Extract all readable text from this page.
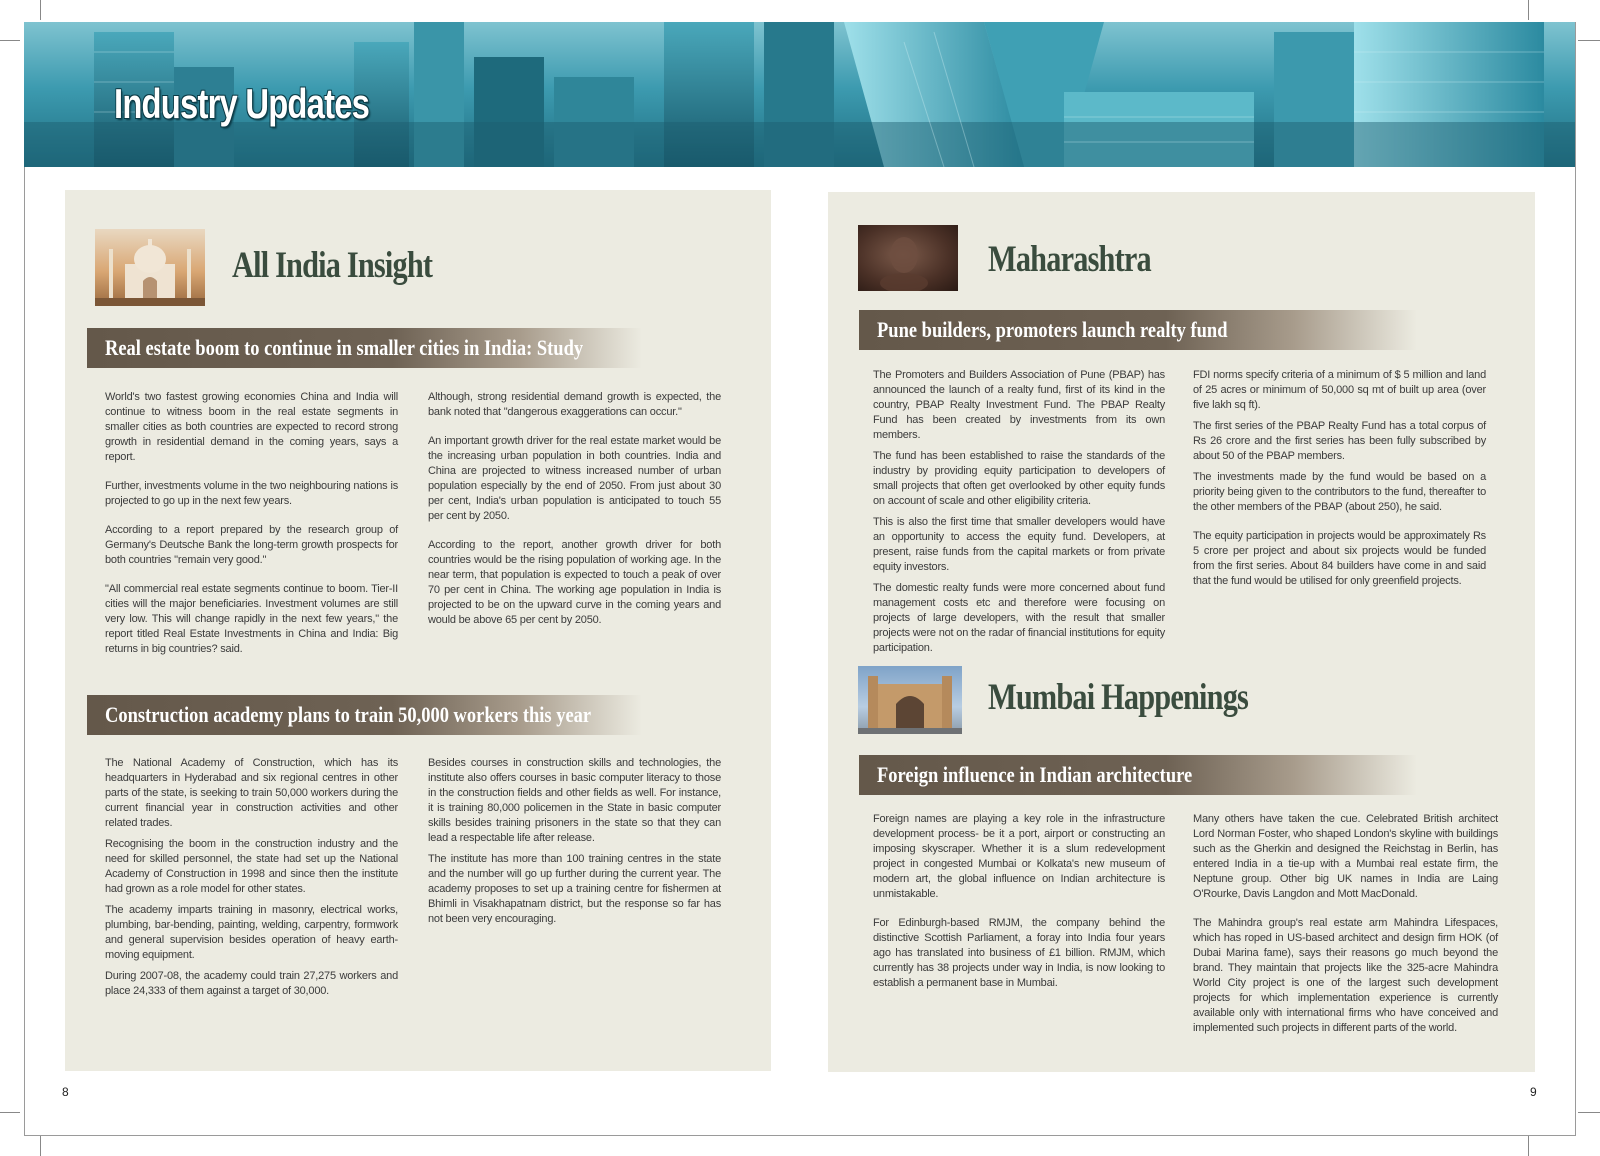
Industry Updates
All India Insight
Real estate boom to continue in smaller cities in India: Study

World's two fastest growing economies China and India will continue to witness boom in the real estate segments in smaller cities as both countries are expected to record strong growth in residential demand in the coming years, says a report.

Further, investments volume in the two neighbouring nations is projected to go up in the next few years.

According to a report prepared by the research group of Germany's Deutsche Bank the long-term growth prospects for both countries "remain very good."

"All commercial real estate segments continue to boom. Tier-II cities will the major beneficiaries. Investment volumes are still very low. This will change rapidly in the next few years," the report titled Real Estate Investments in China and India: Big returns in big countries? said.

Although, strong residential demand growth is expected, the bank noted that "dangerous exaggerations can occur."

An important growth driver for the real estate market would be the increasing urban population in both countries. India and China are projected to witness increased number of urban population especially by the end of 2050. From just about 30 per cent, India's urban population is anticipated to touch 55 per cent by 2050.

According to the report, another growth driver for both countries would be the rising population of working age. In the near term, that population is expected to touch a peak of over 70 per cent in China. The working age population in India is projected to be on the upward curve in the coming years and would be above 65 per cent by 2050.

Construction academy plans to train 50,000 workers this year

The National Academy of Construction, which has its headquarters in Hyderabad and six regional centres in other parts of the state, is seeking to train 50,000 workers during the current financial year in construction activities and other related trades.

Recognising the boom in the construction industry and the need for skilled personnel, the state had set up the National Academy of Construction in 1998 and since then the institute had grown as a role model for other states.

The academy imparts training in masonry, electrical works, plumbing, bar-bending, painting, welding, carpentry, formwork and general supervision besides operation of heavy earth-moving equipment.

During 2007-08, the academy could train 27,275 workers and place 24,333 of them against a target of 30,000.

Besides courses in construction skills and technologies, the institute also offers courses in basic computer literacy to those in the construction fields and other fields as well. For instance, it is training 80,000 policemen in the State in basic computer skills besides training prisoners in the state so that they can lead a respectable life after release.

The institute has more than 100 training centres in the state and the number will go up further during the current year. The academy proposes to set up a training centre for fishermen at Bhimli in Visakhapatnam district, but the response so far has not been very encouraging.

8
Maharashtra
Pune builders, promoters launch realty fund

The Promoters and Builders Association of Pune (PBAP) has announced the launch of a realty fund, first of its kind in the country, PBAP Realty Investment Fund. The PBAP Realty Fund has been created by investments from its own members.

The fund has been established to raise the standards of the industry by providing equity participation to developers of small projects that often get overlooked by other equity funds on account of scale and other eligibility criteria.

This is also the first time that smaller developers would have an opportunity to access the equity fund. Developers, at present, raise funds from the capital markets or from private equity investors.

The domestic realty funds were more concerned about fund management costs etc and therefore were focusing on projects of large developers, with the result that smaller projects were not on the radar of financial institutions for equity participation.

FDI norms specify criteria of a minimum of $ 5 million and land of 25 acres or minimum of 50,000 sq mt of built up area (over five lakh sq ft).

The first series of the PBAP Realty Fund has a total corpus of Rs 26 crore and the first series has been fully subscribed by about 50 of the PBAP members.

The investments made by the fund would be based on a priority being given to the contributors to the fund, thereafter to the other members of the PBAP (about 250), he said.

The equity participation in projects would be approximately Rs 5 crore per project and about six projects would be funded from the first series. About 84 builders have come in and said that the fund would be utilised for only greenfield projects.

Mumbai Happenings
Foreign influence in Indian architecture

Foreign names are playing a key role in the infrastructure development process- be it a port, airport or constructing an imposing skyscraper. Whether it is a slum redevelopment project in congested Mumbai or Kolkata's new museum of modern art, the global influence on Indian architecture is unmistakable.

For Edinburgh-based RMJM, the company behind the distinctive Scottish Parliament, a foray into India four years ago has translated into business of £1 billion. RMJM, which currently has 38 projects under way in India, is now looking to establish a permanent base in Mumbai.

Many others have taken the cue. Celebrated British architect Lord Norman Foster, who shaped London's skyline with buildings such as the Gherkin and designed the Reichstag in Berlin, has entered India in a tie-up with a Mumbai real estate firm, the Neptune group. Other big UK names in India are Laing O'Rourke, Davis Langdon and Mott MacDonald.

The Mahindra group's real estate arm Mahindra Lifespaces, which has roped in US-based architect and design firm HOK (of Dubai Marina fame), says their reasons go much beyond the brand. They maintain that projects like the 325-acre Mahindra World City project is one of the largest such development projects for which implementation experience is currently available only with international firms who have conceived and implemented such projects in different parts of the world.

9
